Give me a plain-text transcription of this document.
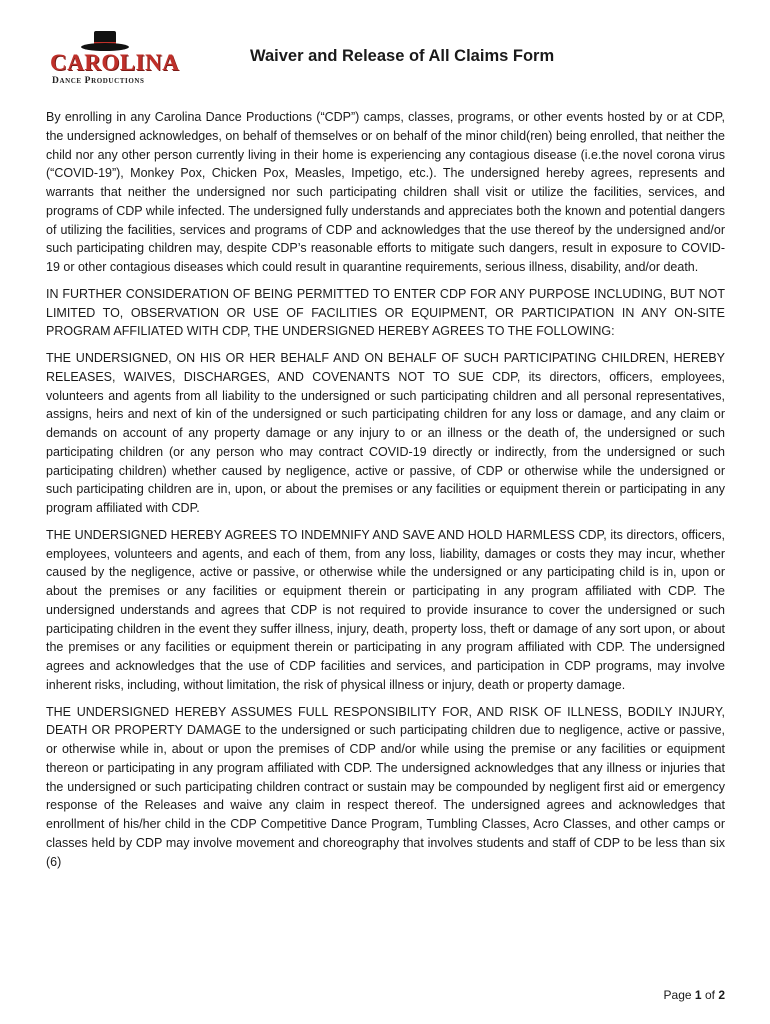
CAROLINA
Dance Productions
Waiver and Release of All Claims Form

By enrolling in any Carolina Dance Productions (“CDP”) camps, classes, programs, or other events hosted by or at CDP, the undersigned acknowledges, on behalf of themselves or on behalf of the minor child(ren) being enrolled, that neither the child nor any other person currently living in their home is experiencing any contagious disease (i.e.the novel corona virus (“COVID-19”), Monkey Pox, Chicken Pox, Measles, Impetigo, etc.). The undersigned hereby agrees, represents and warrants that neither the undersigned nor such participating children shall visit or utilize the facilities, services, and programs of CDP while infected. The undersigned fully understands and appreciates both the known and potential dangers of utilizing the facilities, services and programs of CDP and acknowledges that the use thereof by the undersigned and/or such participating children may, despite CDP’s reasonable efforts to mitigate such dangers, result in exposure to COVID-19 or other contagious diseases which could result in quarantine requirements, serious illness, disability, and/or death.

IN FURTHER CONSIDERATION OF BEING PERMITTED TO ENTER CDP FOR ANY PURPOSE INCLUDING, BUT NOT LIMITED TO, OBSERVATION OR USE OF FACILITIES OR EQUIPMENT, OR PARTICIPATION IN ANY ON-SITE PROGRAM AFFILIATED WITH CDP, THE UNDERSIGNED HEREBY AGREES TO THE FOLLOWING:

THE UNDERSIGNED, ON HIS OR HER BEHALF AND ON BEHALF OF SUCH PARTICIPATING CHILDREN, HEREBY RELEASES, WAIVES, DISCHARGES, AND COVENANTS NOT TO SUE CDP, its directors, officers, employees, volunteers and agents from all liability to the undersigned or such participating children and all personal representatives, assigns, heirs and next of kin of the undersigned or such participating children for any loss or damage, and any claim or demands on account of any property damage or any injury to or an illness or the death of, the undersigned or such participating children (or any person who may contract COVID-19 directly or indirectly, from the undersigned or such participating children) whether caused by negligence, active or passive, of CDP or otherwise while the undersigned or such participating children are in, upon, or about the premises or any facilities or equipment therein or participating in any program affiliated with CDP.

THE UNDERSIGNED HEREBY AGREES TO INDEMNIFY AND SAVE AND HOLD HARMLESS CDP, its directors, officers, employees, volunteers and agents, and each of them, from any loss, liability, damages or costs they may incur, whether caused by the negligence, active or passive, or otherwise while the undersigned or any participating child is in, upon or about the premises or any facilities or equipment therein or participating in any program affiliated with CDP. The undersigned understands and agrees that CDP is not required to provide insurance to cover the undersigned or such participating children in the event they suffer illness, injury, death, property loss, theft or damage of any sort upon, or about the premises or any facilities or equipment therein or participating in any program affiliated with CDP. The undersigned agrees and acknowledges that the use of CDP facilities and services, and participation in CDP programs, may involve inherent risks, including, without limitation, the risk of physical illness or injury, death or property damage.

THE UNDERSIGNED HEREBY ASSUMES FULL RESPONSIBILITY FOR, AND RISK OF ILLNESS, BODILY INJURY, DEATH OR PROPERTY DAMAGE to the undersigned or such participating children due to negligence, active or passive, or otherwise while in, about or upon the premises of CDP and/or while using the premise or any facilities or equipment thereon or participating in any program affiliated with CDP. The undersigned acknowledges that any illness or injuries that the undersigned or such participating children contract or sustain may be compounded by negligent first aid or emergency response of the Releases and waive any claim in respect thereof. The undersigned agrees and acknowledges that enrollment of his/her child in the CDP Competitive Dance Program, Tumbling Classes, Acro Classes, and other camps or classes held by CDP may involve movement and choreography that involves students and staff of CDP to be less than six (6)

Page 1 of 2
